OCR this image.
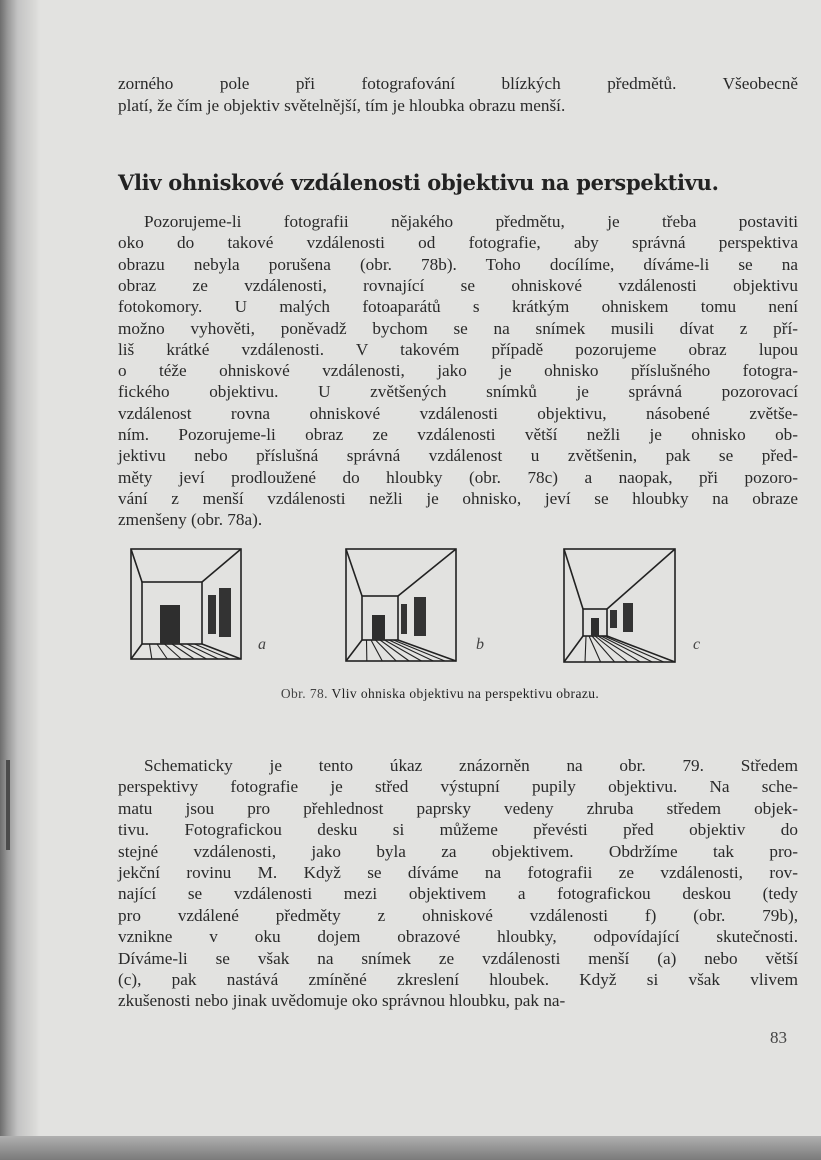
zorného pole při fotografování blízkých předmětů. Všeobecně
platí, že čím je objektiv světelnější, tím je hloubka obrazu menší.
Vliv ohniskové vzdálenosti objektivu na perspektivu.
Pozorujeme-li fotografii nějakého předmětu, je třeba postaviti
oko do takové vzdálenosti od fotografie, aby správná perspektiva
obrazu nebyla porušena (obr. 78b). Toho docílíme, díváme-li se na
obraz ze vzdálenosti, rovnající se ohniskové vzdálenosti objektivu
fotokomory. U malých fotoaparátů s krátkým ohniskem tomu není
možno vyhověti, poněvadž bychom se na snímek musili dívat z pří-
liš krátké vzdálenosti. V takovém případě pozorujeme obraz lupou
o téže ohniskové vzdálenosti, jako je ohnisko příslušného fotogra-
fického objektivu. U zvětšených snímků je správná pozorovací
vzdálenost rovna ohniskové vzdálenosti objektivu, násobené zvětše-
ním. Pozorujeme-li obraz ze vzdálenosti větší nežli je ohnisko ob-
jektivu nebo příslušná správná vzdálenost u zvětšenin, pak se před-
měty jeví prodloužené do hloubky (obr. 78c) a naopak, při pozoro-
vání z menší vzdálenosti nežli je ohnisko, jeví se hloubky na obraze
zmenšeny (obr. 78a).
a	b	c
Obr. 78. Vliv ohniska objektivu na perspektivu obrazu.
Schematicky je tento úkaz znázorněn na obr. 79. Středem
perspektivy fotografie je střed výstupní pupily objektivu. Na sche-
matu jsou pro přehlednost paprsky vedeny zhruba středem objek-
tivu. Fotografickou desku si můžeme převésti před objektiv do
stejné vzdálenosti, jako byla za objektivem. Obdržíme tak pro-
jekční rovinu M. Když se díváme na fotografii ze vzdálenosti, rov-
nající se vzdálenosti mezi objektivem a fotografickou deskou (tedy
pro vzdálené předměty z ohniskové vzdálenosti f) (obr. 79b),
vznikne v oku dojem obrazové hloubky, odpovídající skutečnosti.
Díváme-li se však na snímek ze vzdálenosti menší (a) nebo větší
(c), pak nastává zmíněné zkreslení hloubek. Když si však vlivem
zkušenosti nebo jinak uvědomuje oko správnou hloubku, pak na-
83
